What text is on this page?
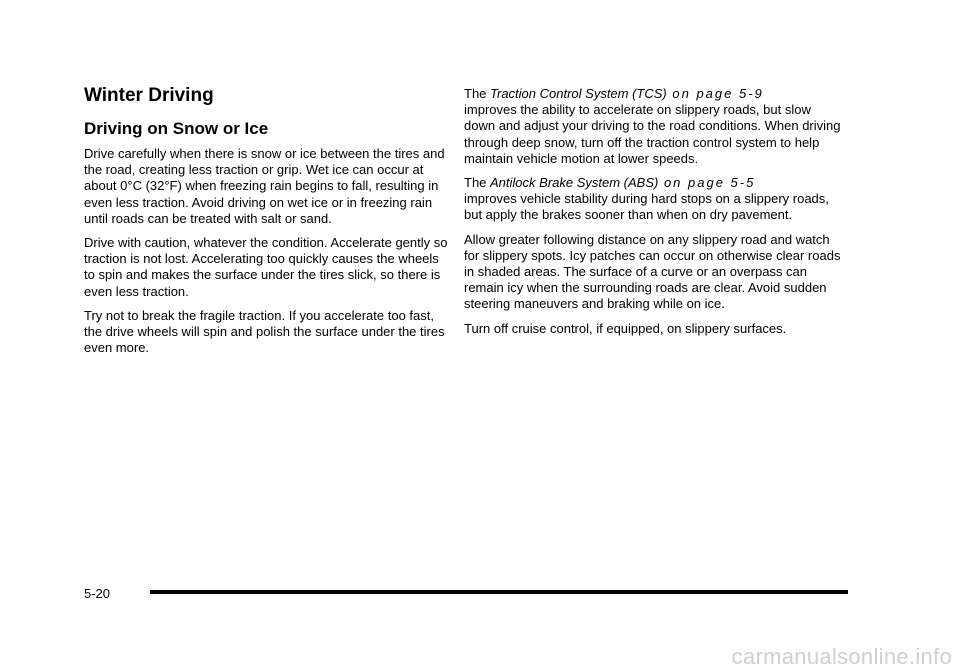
Winter Driving
Driving on Snow or Ice

Drive carefully when there is snow or ice between the tires and the road, creating less traction or grip. Wet ice can occur at about 0°C (32°F) when freezing rain begins to fall, resulting in even less traction. Avoid driving on wet ice or in freezing rain until roads can be treated with salt or sand.

Drive with caution, whatever the condition. Accelerate gently so traction is not lost. Accelerating too quickly causes the wheels to spin and makes the surface under the tires slick, so there is even less traction.

Try not to break the fragile traction. If you accelerate too fast, the drive wheels will spin and polish the surface under the tires even more.

The Traction Control System (TCS) on page 5-9
improves the ability to accelerate on slippery roads, but slow down and adjust your driving to the road conditions. When driving through deep snow, turn off the traction control system to help maintain vehicle motion at lower speeds.

The Antilock Brake System (ABS) on page 5-5
improves vehicle stability during hard stops on a slippery roads, but apply the brakes sooner than when on dry pavement.

Allow greater following distance on any slippery road and watch for slippery spots. Icy patches can occur on otherwise clear roads in shaded areas. The surface of a curve or an overpass can remain icy when the surrounding roads are clear. Avoid sudden steering maneuvers and braking while on ice.

Turn off cruise control, if equipped, on slippery surfaces.

5-20
carmanualsonline.info
